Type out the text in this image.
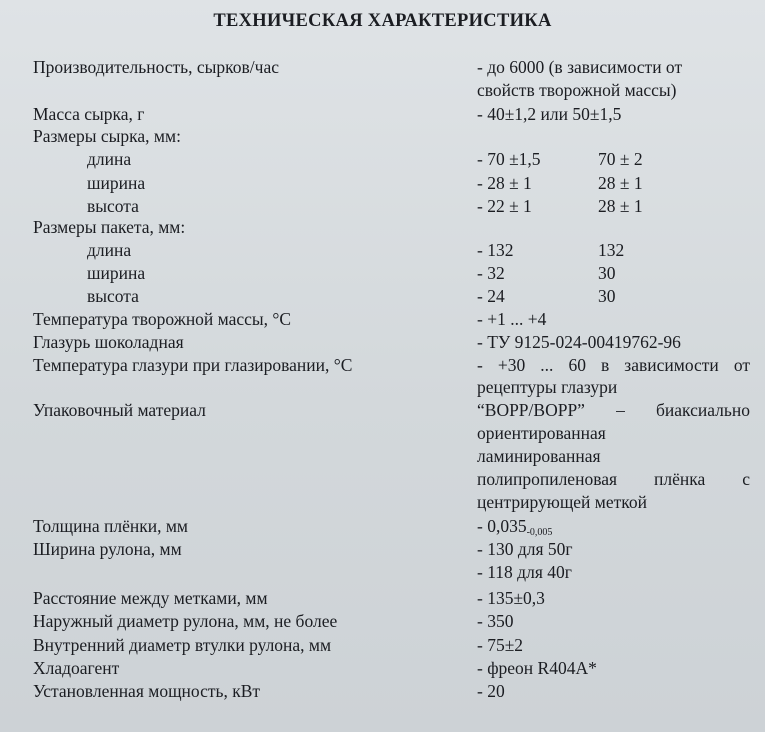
ТЕХНИЧЕСКАЯ ХАРАКТЕРИСТИКА
Производительность, сырков/час	- до 6000 (в зависимости от
свойств творожной массы)
Масса сырка, г	- 40±1,2 или 50±1,5
Размеры сырка, мм:
длина	- 70 ±1,5	70 ± 2
ширина	- 28 ± 1	28 ± 1
высота	- 22 ± 1	28 ± 1
Размеры пакета, мм:
длина	- 132	132
ширина	- 32	30
высота	- 24	30
Температура творожной массы, °C	- +1 ... +4
Глазурь шоколадная	- ТУ 9125-024-00419762-96
Температура глазури при глазировании, °C	- +30 ... 60 в зависимости от
рецептуры глазури
Упаковочный материал	“BOPP/BOPP” – биаксиально
ориентированная
ламинированная
полипропиленовая плёнка с
центрирующей меткой
Толщина плёнки, мм	- $0,035_{-0,005}$
Ширина рулона, мм	- 130 для 50г
- 118 для 40г
Расстояние между метками, мм	- 135±0,3
Наружный диаметр рулона, мм, не более	- 350
Внутренний диаметр втулки рулона, мм	- 75±2
Хладоагент	- фреон R404A*
Установленная мощность, кВт	- 20
